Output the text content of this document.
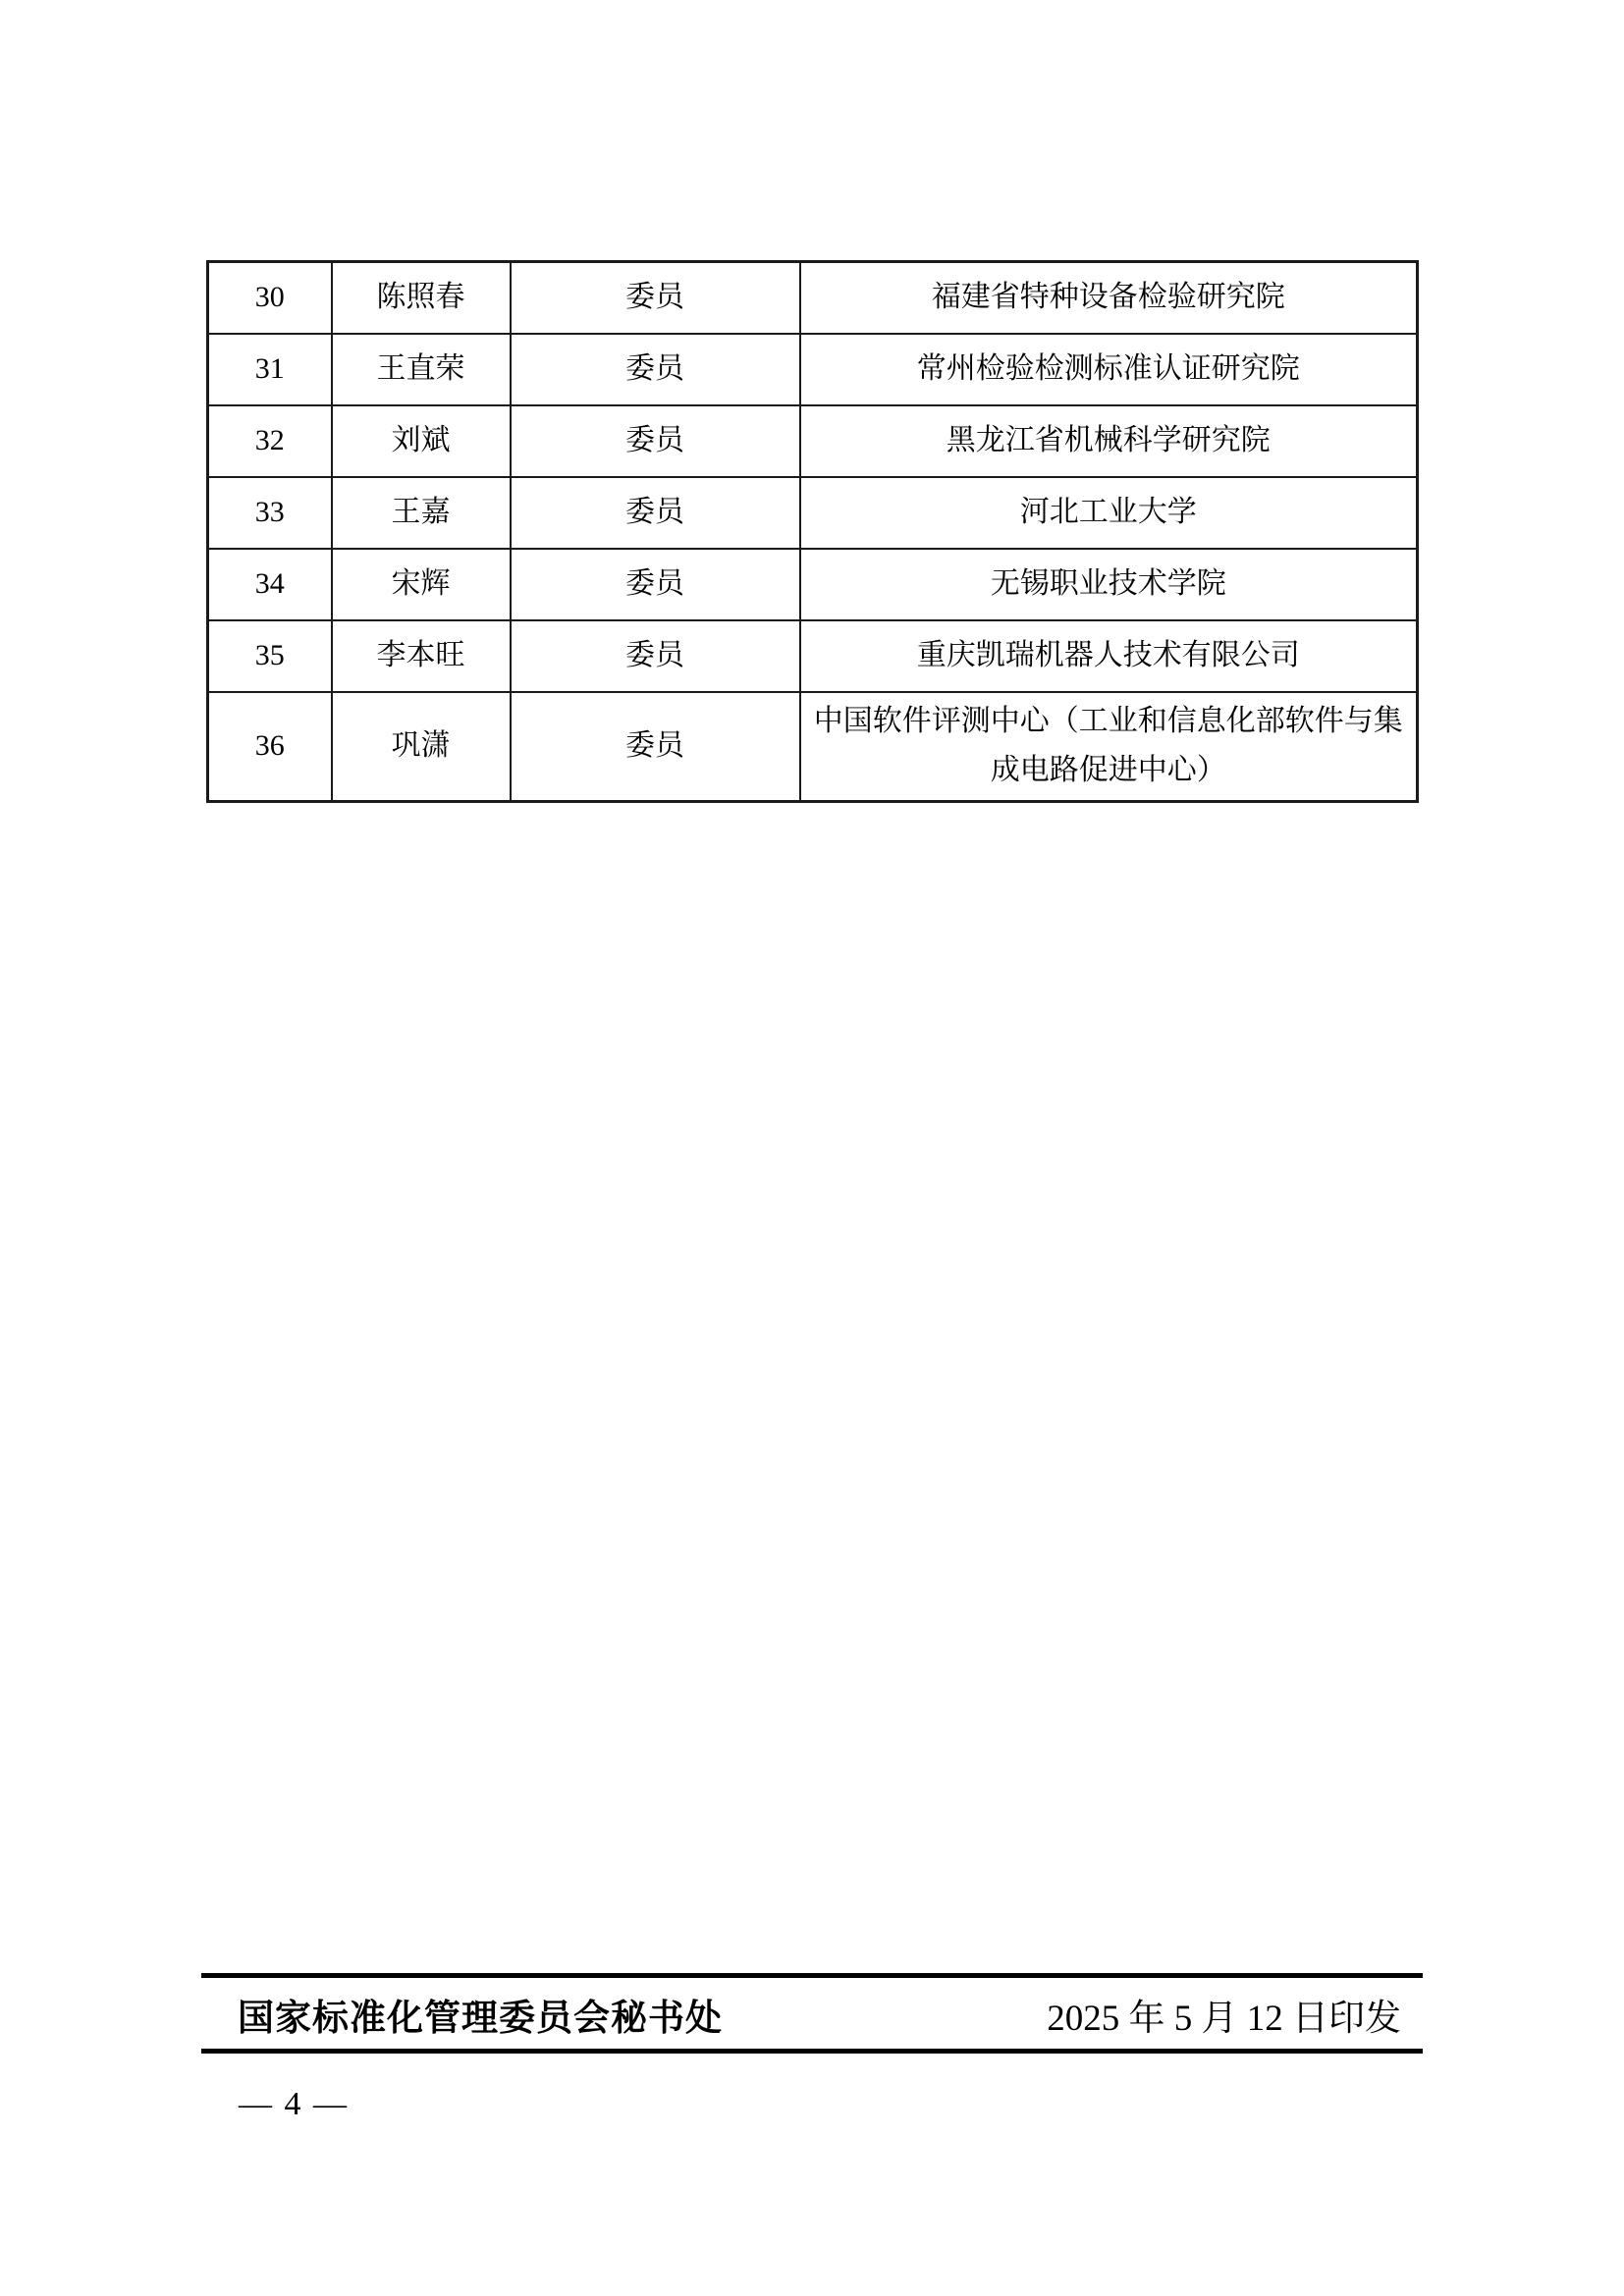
30	陈照春	委员	福建省特种设备检验研究院
31	王直荣	委员	常州检验检测标准认证研究院
32	刘斌	委员	黑龙江省机械科学研究院
33	王嘉	委员	河北工业大学
34	宋辉	委员	无锡职业技术学院
35	李本旺	委员	重庆凯瑞机器人技术有限公司
36	巩潇	委员	中国软件评测中心（工业和信息化部软件与集成电路促进中心）
国家标准化管理委员会秘书处	2025 年 5 月 12 日印发
— 4 —
